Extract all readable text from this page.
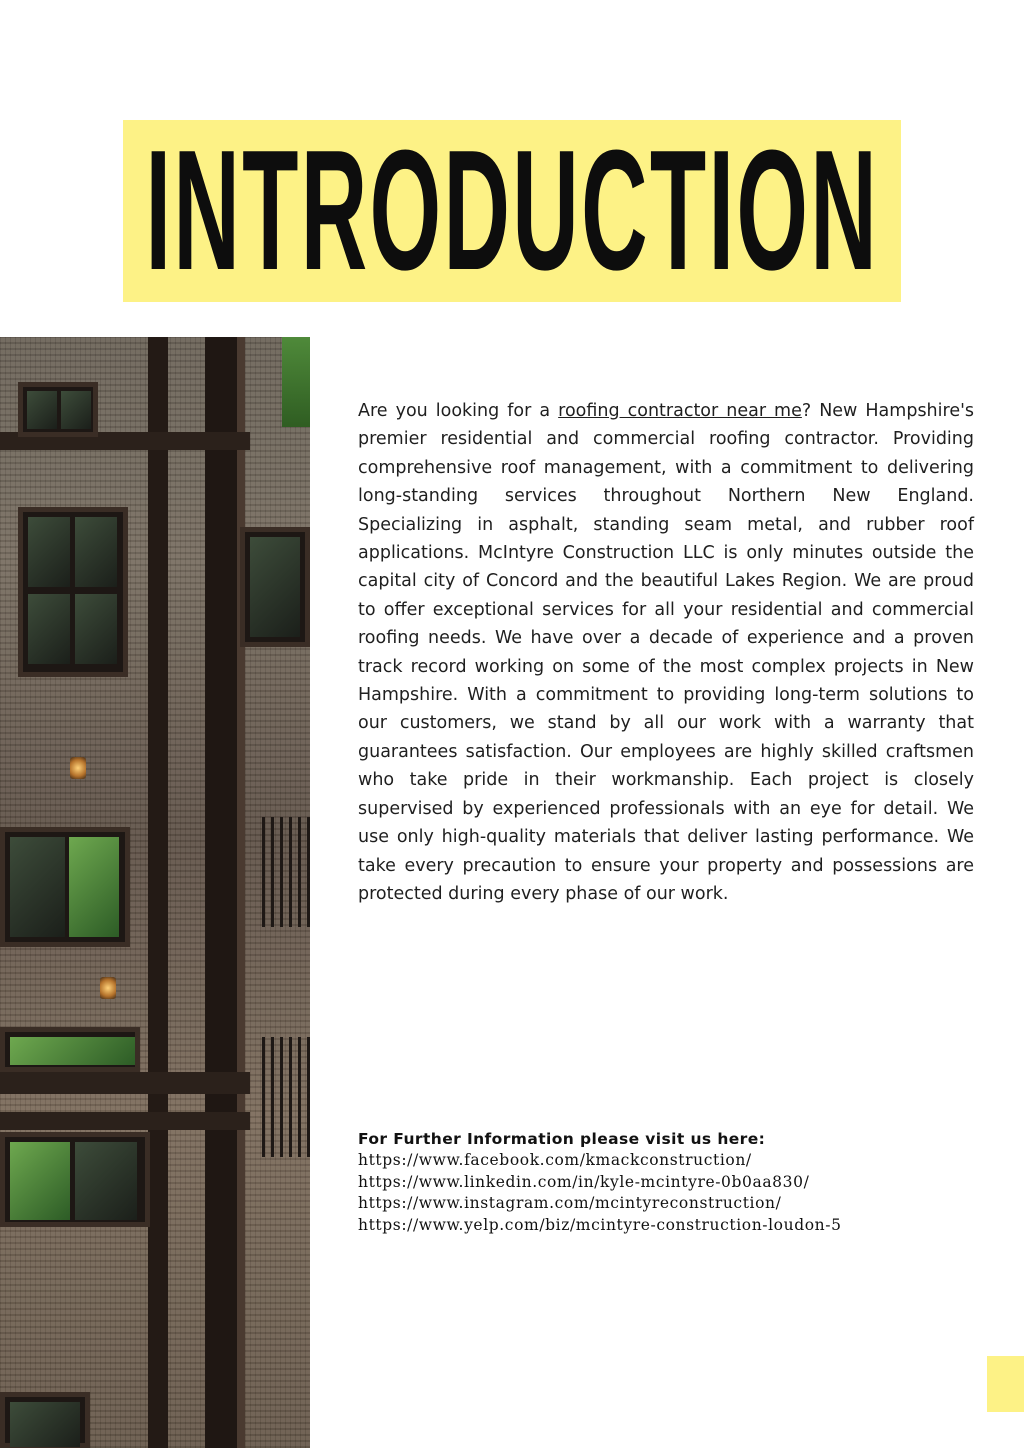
INTRODUCTION

Are you looking for a roofing contractor near me? New Hampshire's premier residential and commercial roofing contractor. Providing comprehensive roof management, with a commitment to delivering long-standing services throughout Northern New England. Specializing in asphalt, standing seam metal, and rubber roof applications. McIntyre Construction LLC is only minutes outside the capital city of Concord and the beautiful Lakes Region. We are proud to offer exceptional services for all your residential and commercial roofing needs. We have over a decade of experience and a proven track record working on some of the most complex projects in New Hampshire. With a commitment to providing long-term solutions to our customers, we stand by all our work with a warranty that guarantees satisfaction. Our employees are highly skilled craftsmen who take pride in their workmanship. Each project is closely supervised by experienced professionals with an eye for detail. We use only high-quality materials that deliver lasting performance. We take every precaution to ensure your property and possessions are protected during every phase of our work.

For Further Information please visit us here:
https://www.facebook.com/kmackconstruction/
https://www.linkedin.com/in/kyle-mcintyre-0b0aa830/
https://www.instagram.com/mcintyreconstruction/
https://www.yelp.com/biz/mcintyre-construction-loudon-5
